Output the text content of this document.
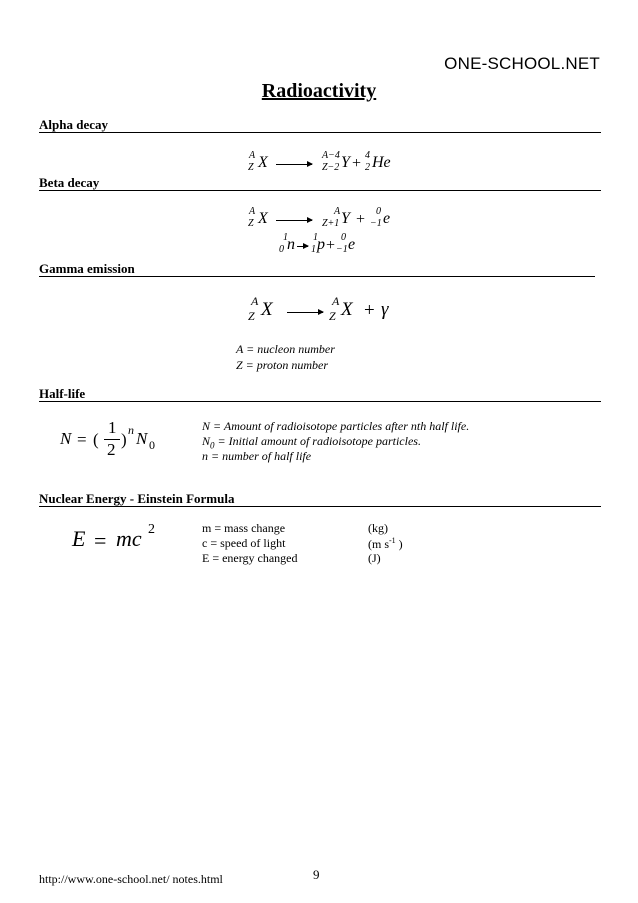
ONE-SCHOOL.NET
Radioactivity
Alpha decay
A
Z X	A−4
Z−2 Y + 4
2 He
Beta decay
A
Z X	A
Z+1 Y + 0
−1 e
1
0 n 1
1 p + 0
−1 e
Gamma emission
A
Z X	A
Z X + γ
A = nucleon number
Z = proton number
Half-life
N = (
1
2
) n N 0
N = Amount of radioisotope particles after nth half life.
$N_0$ = Initial amount of radioisotope particles.
n = number of half life
Nuclear Energy - Einstein Formula
E = mc 2	m = mass change	(kg)
c = speed of light	(m $s^{-1}$ )
E = energy changed	(J)
http://www.one-school.net/ notes.html	9
